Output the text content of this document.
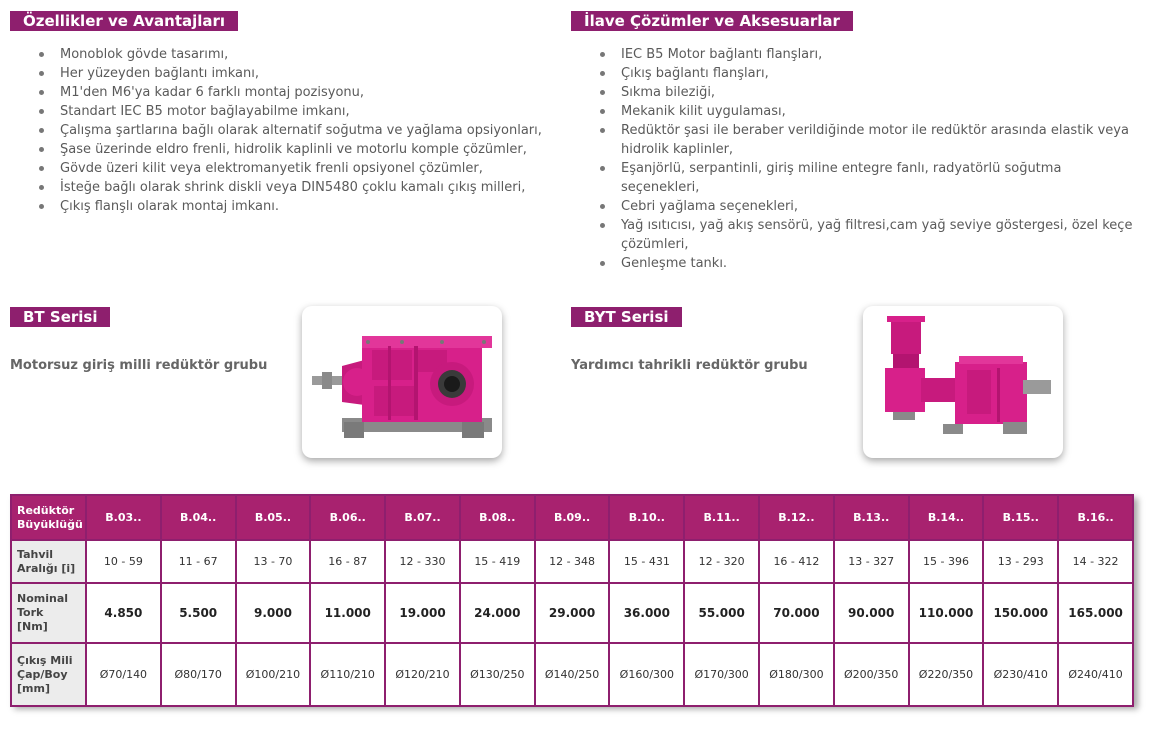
Özellikler ve Avantajları
Monoblok gövde tasarımı,
Her yüzeyden bağlantı imkanı,
M1'den M6'ya kadar 6 farklı montaj pozisyonu,
Standart IEC B5 motor bağlayabilme imkanı,
Çalışma şartlarına bağlı olarak alternatif soğutma ve yağlama opsiyonları,
Şase üzerinde eldro frenli, hidrolik kaplinli ve motorlu komple çözümler,
Gövde üzeri kilit veya elektromanyetik frenli opsiyonel çözümler,
İsteğe bağlı olarak shrink diskli veya DIN5480 çoklu kamalı çıkış milleri,
Çıkış flanşlı olarak montaj imkanı.
İlave Çözümler ve Aksesuarlar
IEC B5 Motor bağlantı flanşları,
Çıkış bağlantı flanşları,
Sıkma bileziği,
Mekanik kilit uygulaması,
Redüktör şasi ile beraber verildiğinde motor ile redüktör arasında elastik veya hidrolik kaplinler,
Eşanjörlü, serpantinli, giriş miline entegre fanlı, radyatörlü soğutma seçenekleri,
Cebri yağlama seçenekleri,
Yağ ısıtıcısı, yağ akış sensörü, yağ filtresi,cam yağ seviye göstergesi, özel keçe çözümleri,
Genleşme tankı.
BT Serisi
Motorsuz giriş milli redüktör grubu
BYT Serisi
Yardımcı tahrikli redüktör grubu
Redüktör
Büyüklüğü	B.03..	B.04..	B.05..	B.06..	B.07..	B.08..	B.09..	B.10..	B.11..	B.12..	B.13..	B.14..	B.15..	B.16..
Tahvil
Aralığı [i]	10 - 59	11 - 67	13 - 70	16 - 87	12 - 330	15 - 419	12 - 348	15 - 431	12 - 320	16 - 412	13 - 327	15 - 396	13 - 293	14 - 322
Nominal
Tork
[Nm]	4.850	5.500	9.000	11.000	19.000	24.000	29.000	36.000	55.000	70.000	90.000	110.000	150.000	165.000
Çıkış Mili
Çap/Boy
[mm]	Ø70/140	Ø80/170	Ø100/210	Ø110/210	Ø120/210	Ø130/250	Ø140/250	Ø160/300	Ø170/300	Ø180/300	Ø200/350	Ø220/350	Ø230/410	Ø240/410
